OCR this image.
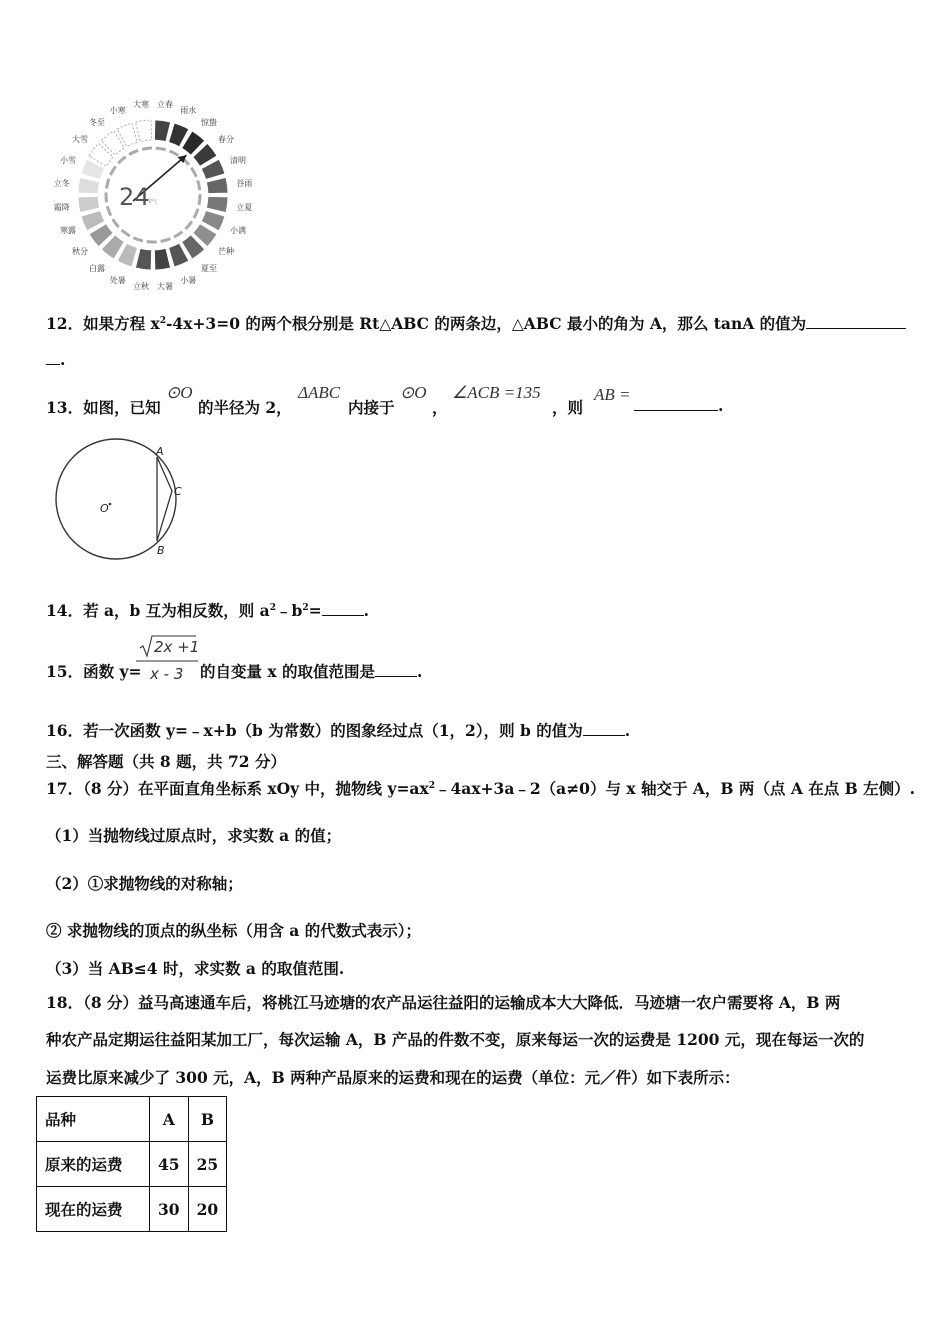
立春
雨水
惊蛰
春分
清明
谷雨
立夏
小满
芒种
夏至
小暑
大暑
立秋
处暑
白露
秋分
寒露
霜降
立冬
小雪
大雪
冬至
小寒
大寒
24
节气
12．如果方程 $x^2-4x+3=0$ 的两个根分别是 Rt△ABC 的两条边，△ABC 最小的角为 A，那么 tanA 的值为
.
13．如图，已知
⊙O
的半径为 2，
ΔABC
内接于
⊙O
，
∠ACB =135
，则
AB =
.
A
C
B
O
14．若 a，b 互为相反数，则 $a^2﹣b^2=$	.
15．函数 y=
2x +1
x - 3 的自变量 x 的取值范围是	.
16．若一次函数 y=﹣x+b（b 为常数）的图象经过点（1，2），则 b 的值为	.
三、解答题（共 8 题，共 72 分）
17．（8 分）在平面直角坐标系 xOy 中，抛物线 $y=ax^2﹣4ax+3a﹣2(a\ne 0)$与 x 轴交于 A，B 两（点 A 在点 B 左侧）.
（1）当抛物线过原点时，求实数 a 的值；
（2）①求抛物线的对称轴；
② 求抛物线的顶点的纵坐标（用含 a 的代数式表示）；
（3）当 AB≤4 时，求实数 a 的取值范围.
18．（8 分）益马高速通车后，将桃江马迹塘的农产品运往益阳的运输成本大大降低．马迹塘一农户需要将 A，B 两
种农产品定期运往益阳某加工厂，每次运输 A，B 产品的件数不变，原来每运一次的运费是 1200 元，现在每运一次的
运费比原来减少了 300 元，A，B 两种产品原来的运费和现在的运费（单位：元／件）如下表所示：
品种	A	B
原来的运费	45	25
现在的运费	30	20
